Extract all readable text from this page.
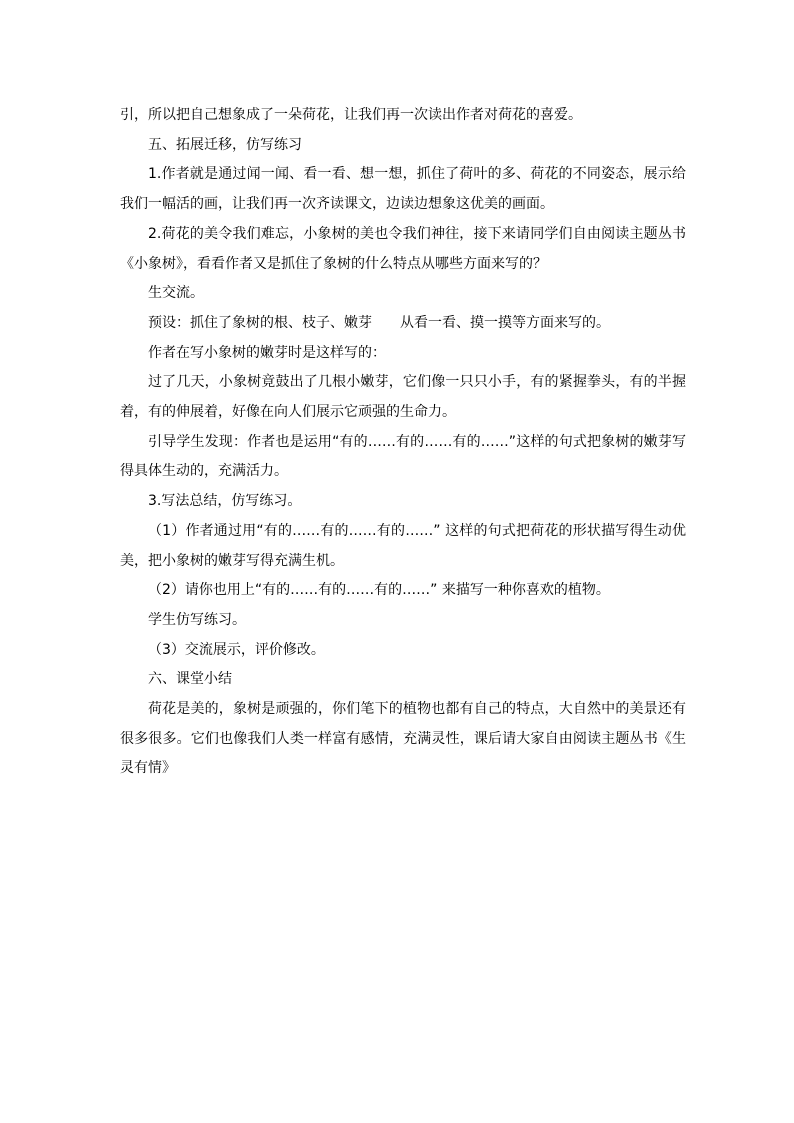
引，所以把自己想象成了一朵荷花，让我们再一次读出作者对荷花的喜爱。

五、拓展迁移，仿写练习

1.作者就是通过闻一闻、看一看、想一想，抓住了荷叶的多、荷花的不同姿态，展示给我们一幅活的画，让我们再一次齐读课文，边读边想象这优美的画面。

2.荷花的美令我们难忘，小象树的美也令我们神往，接下来请同学们自由阅读主题丛书《小象树》，看看作者又是抓住了象树的什么特点从哪些方面来写的？

生交流。

预设：抓住了象树的根、枝子、嫩芽　　从看一看、摸一摸等方面来写的。

作者在写小象树的嫩芽时是这样写的：

过了几天，小象树竟鼓出了几根小嫩芽，它们像一只只小手，有的紧握拳头，有的半握着，有的伸展着，好像在向人们展示它顽强的生命力。

引导学生发现：作者也是运用“有的……有的……有的……”这样的句式把象树的嫩芽写得具体生动的，充满活力。

3.写法总结，仿写练习。

（1）作者通过用“有的……有的……有的……” 这样的句式把荷花的形状描写得生动优美，把小象树的嫩芽写得充满生机。

（2）请你也用上“有的……有的……有的……” 来描写一种你喜欢的植物。

学生仿写练习。

（3）交流展示，评价修改。

六、课堂小结

荷花是美的，象树是顽强的，你们笔下的植物也都有自己的特点，大自然中的美景还有很多很多。它们也像我们人类一样富有感情，充满灵性，课后请大家自由阅读主题丛书《生灵有情》
